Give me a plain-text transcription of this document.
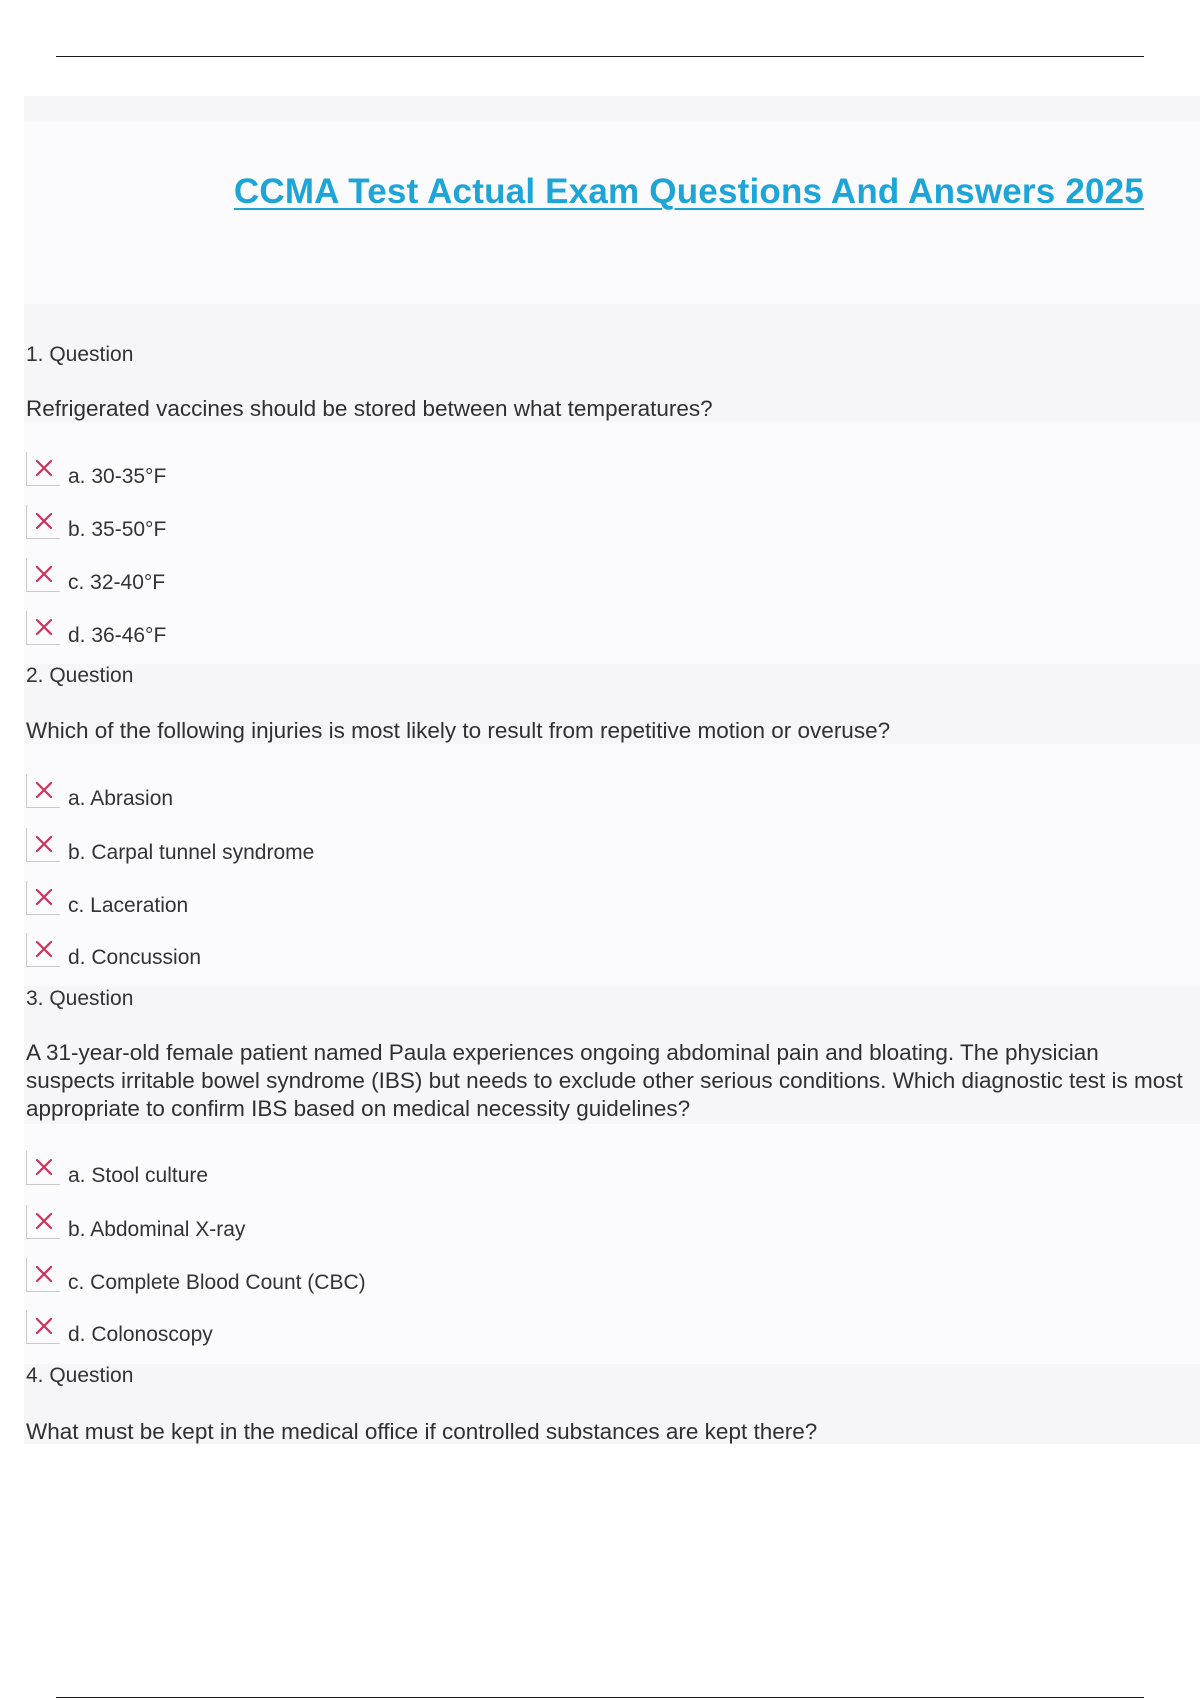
CCMA Test Actual Exam Questions And Answers 2025
1. Question
Refrigerated vaccines should be stored between what temperatures?
a. 30-35°F
b. 35-50°F
c. 32-40°F
d. 36-46°F
2. Question
Which of the following injuries is most likely to result from repetitive motion or overuse?
a. Abrasion
b. Carpal tunnel syndrome
c. Laceration
d. Concussion
3. Question
A 31-year-old female patient named Paula experiences ongoing abdominal pain and bloating. The physician suspects irritable bowel syndrome (IBS) but needs to exclude other serious conditions. Which diagnostic test is most appropriate to confirm IBS based on medical necessity guidelines?
a. Stool culture
b. Abdominal X-ray
c. Complete Blood Count (CBC)
d. Colonoscopy
4. Question
What must be kept in the medical office if controlled substances are kept there?
